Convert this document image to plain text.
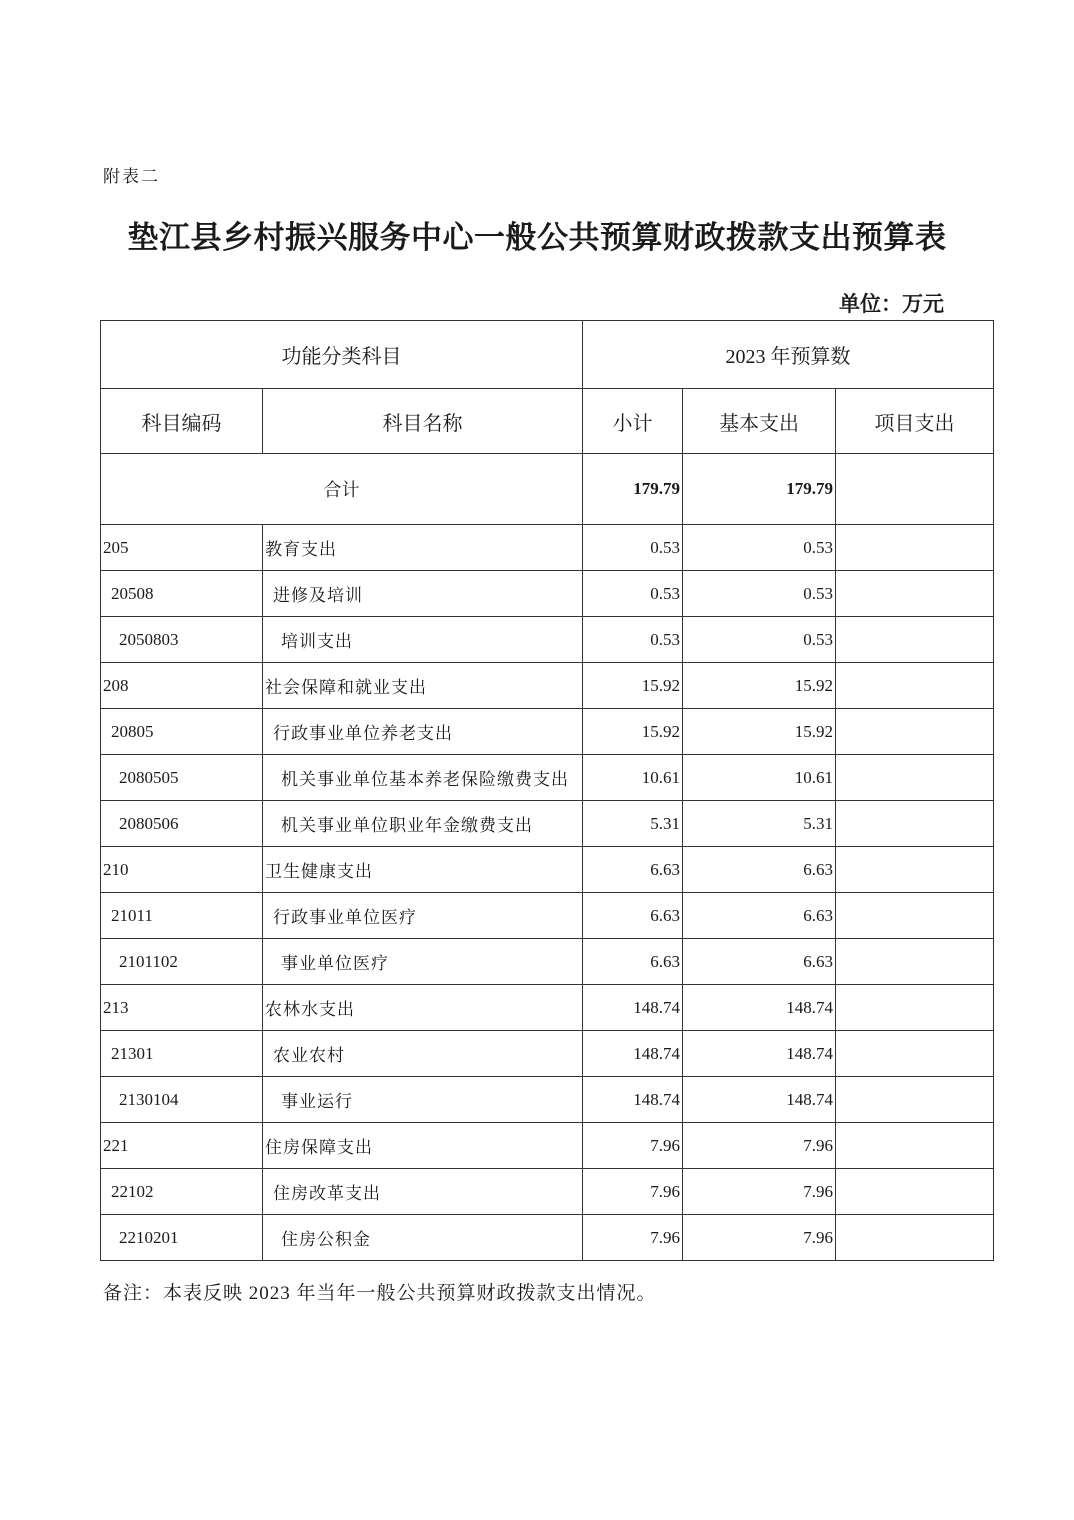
附表二
垫江县乡村振兴服务中心一般公共预算财政拨款支出预算表
单位：万元
功能分类科目		2023 年预算数		
科目编码	科目名称	小计	基本支出	项目支出
合计		179.79	179.79	
205	教育支出	0.53	0.53	
20508	进修及培训	0.53	0.53	
2050803	培训支出	0.53	0.53	
208	社会保障和就业支出	15.92	15.92	
20805	行政事业单位养老支出	15.92	15.92	
2080505	机关事业单位基本养老保险缴费支出	10.61	10.61	
2080506	机关事业单位职业年金缴费支出	5.31	5.31	
210	卫生健康支出	6.63	6.63	
21011	行政事业单位医疗	6.63	6.63	
2101102	事业单位医疗	6.63	6.63	
213	农林水支出	148.74	148.74	
21301	农业农村	148.74	148.74	
2130104	事业运行	148.74	148.74	
221	住房保障支出	7.96	7.96	
22102	住房改革支出	7.96	7.96	
2210201	住房公积金	7.96	7.96	
备注：本表反映 2023 年当年一般公共预算财政拨款支出情况。
